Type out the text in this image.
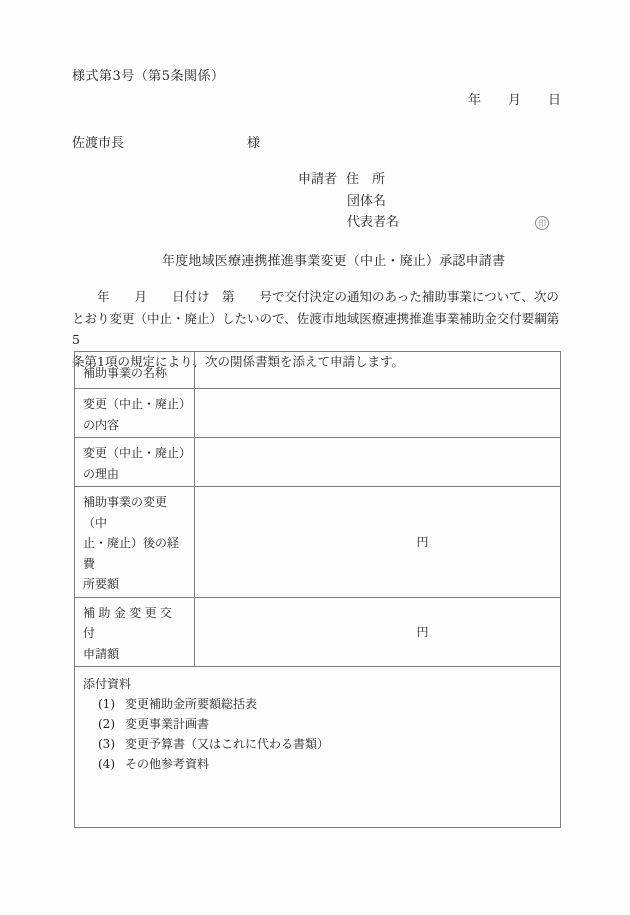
様式第3号（第5条関係）
年 月 日
佐渡市長	様
申請者 住　所
団体名
代表者名	印
年度地域医療連携推進事業変更（中止・廃止）承認申請書
　　年　　月　　日付け　第　　号で交付決定の通知のあった補助事業について、次の
とおり変更（中止・廃止）したいので、佐渡市地域医療連携推進事業補助金交付要綱第5
条第1項の規定により、次の関係書類を添えて申請します。
補助事業の名称	

変更（中止・廃止）
の内容	

変更（中止・廃止）
の理由	

補助事業の変更（中
止・廃止）後の経費
所要額	円

補助金変更交付
申請額	円

添付資料
(1) 変更補助金所要額総括表
(2) 変更事業計画書
(3) 変更予算書（又はこれに代わる書類）
(4) その他参考資料	
